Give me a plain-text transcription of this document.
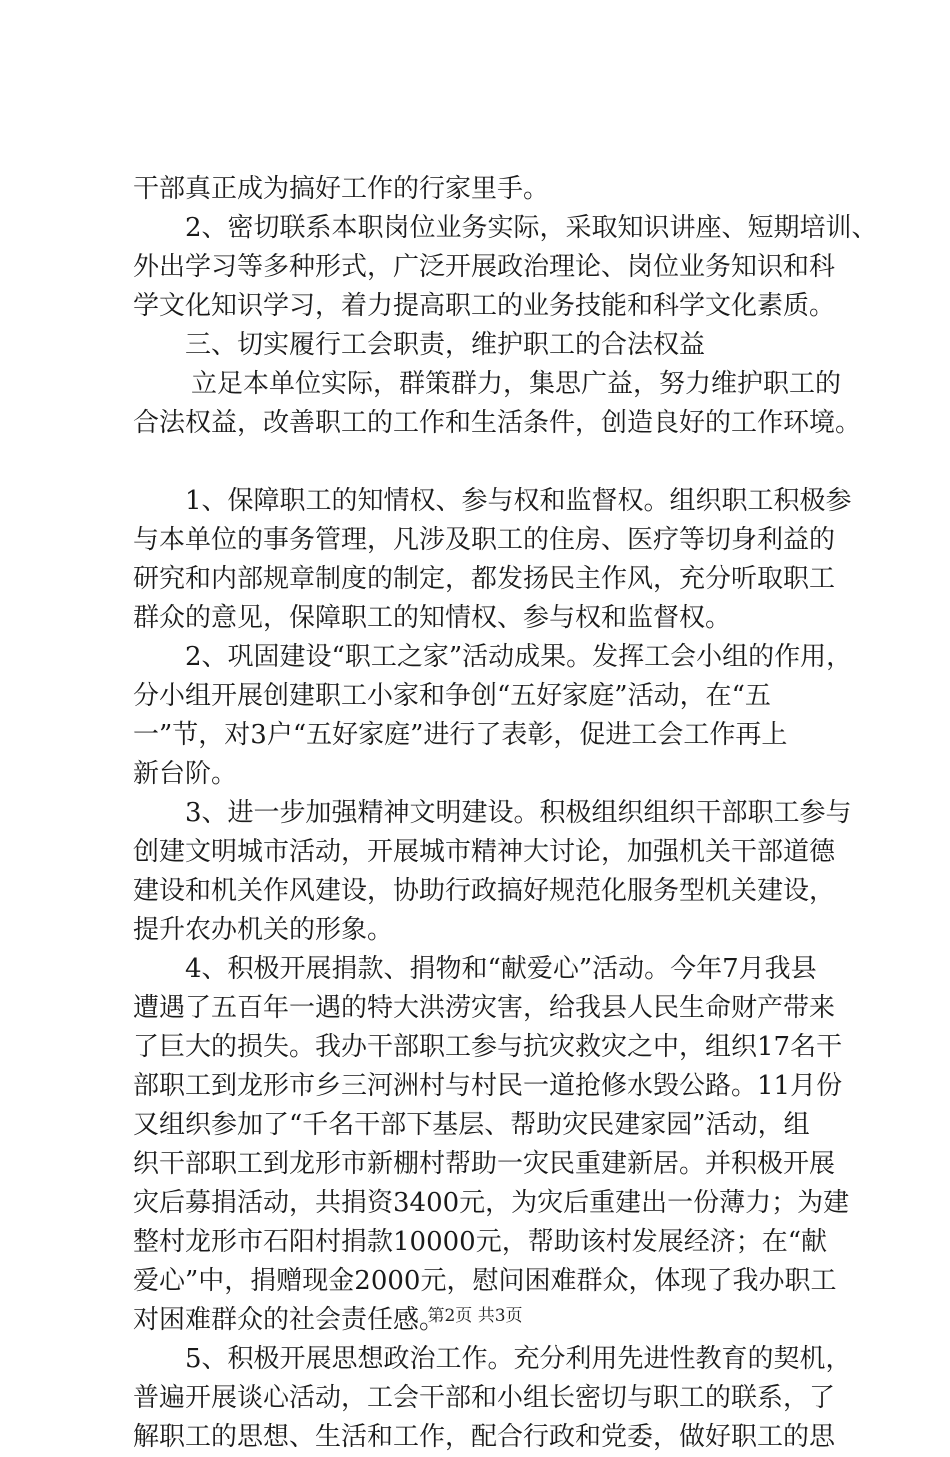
干部真正成为搞好工作的行家里手。
2、密切联系本职岗位业务实际，采取知识讲座、短期培训、
外出学习等多种形式，广泛开展政治理论、岗位业务知识和科
学文化知识学习，着力提高职工的业务技能和科学文化素质。
三、切实履行工会职责，维护职工的合法权益
立足本单位实际，群策群力，集思广益，努力维护职工的
合法权益，改善职工的工作和生活条件，创造良好的工作环境。
1、保障职工的知情权、参与权和监督权。组织职工积极参
与本单位的事务管理，凡涉及职工的住房、医疗等切身利益的
研究和内部规章制度的制定，都发扬民主作风，充分听取职工
群众的意见，保障职工的知情权、参与权和监督权。
2、巩固建设“职工之家”活动成果。发挥工会小组的作用，
分小组开展创建职工小家和争创“五好家庭”活动，在“五
一”节，对3户“五好家庭”进行了表彰，促进工会工作再上
新台阶。
3、进一步加强精神文明建设。积极组织组织干部职工参与
创建文明城市活动，开展城市精神大讨论，加强机关干部道德
建设和机关作风建设，协助行政搞好规范化服务型机关建设，
提升农办机关的形象。
4、积极开展捐款、捐物和“献爱心”活动。今年7月我县
遭遇了五百年一遇的特大洪涝灾害，给我县人民生命财产带来
了巨大的损失。我办干部职工参与抗灾救灾之中，组织17名干
部职工到龙形市乡三河洲村与村民一道抢修水毁公路。11月份
又组织参加了“千名干部下基层、帮助灾民建家园”活动，组
织干部职工到龙形市新棚村帮助一灾民重建新居。并积极开展
灾后募捐活动，共捐资3400元，为灾后重建出一份薄力；为建
整村龙形市石阳村捐款10000元，帮助该村发展经济；在“献
爱心”中，捐赠现金2000元，慰问困难群众，体现了我办职工
对困难群众的社会责任感。
5、积极开展思想政治工作。充分利用先进性教育的契机，
普遍开展谈心活动，工会干部和小组长密切与职工的联系，了
解职工的思想、生活和工作，配合行政和党委，做好职工的思
第2页 共3页
